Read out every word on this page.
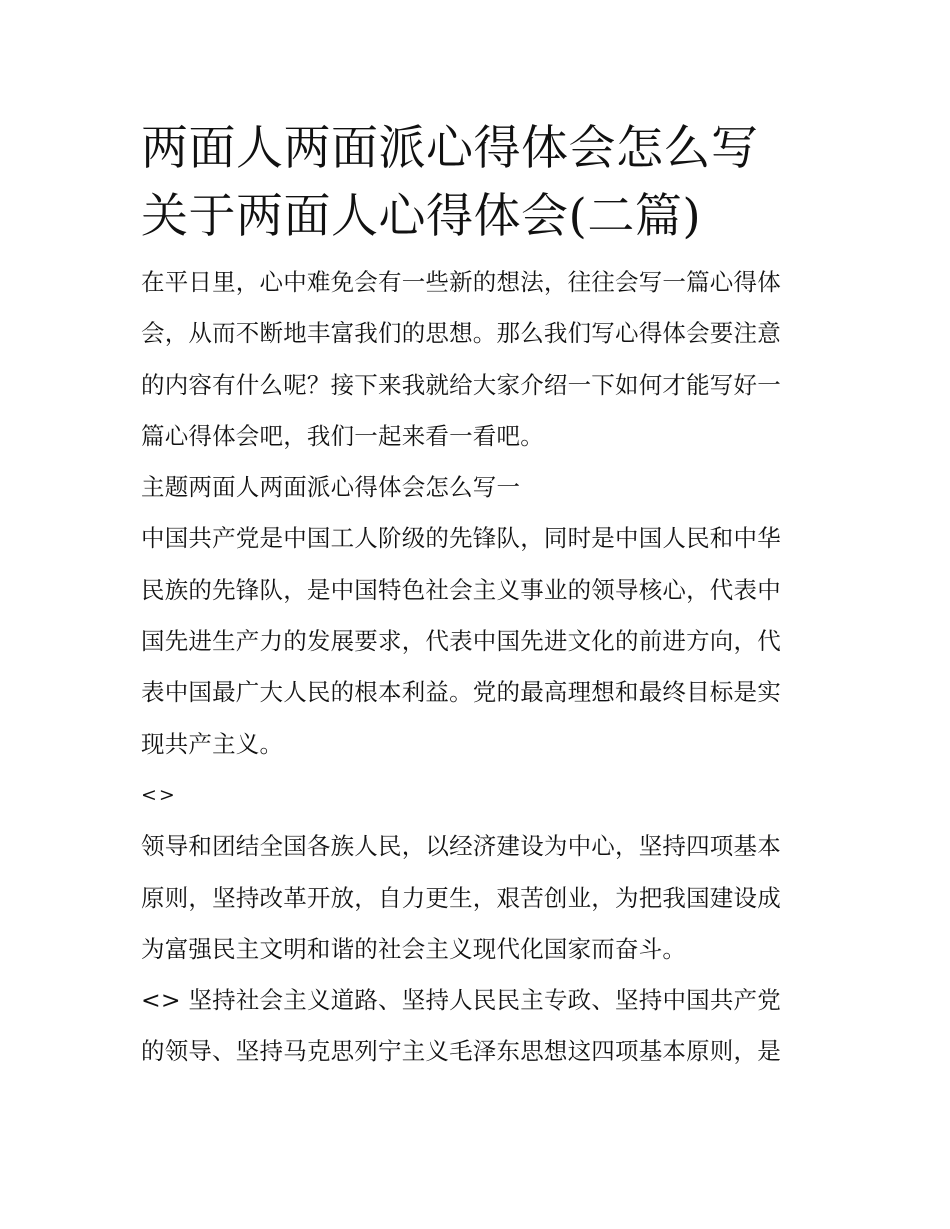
两面人两面派心得体会怎么写
关于两面人心得体会(二篇)

在平日里，心中难免会有一些新的想法，往往会写一篇心得体
会，从而不断地丰富我们的思想。那么我们写心得体会要注意
的内容有什么呢？接下来我就给大家介绍一下如何才能写好一
篇心得体会吧，我们一起来看一看吧。

主题两面人两面派心得体会怎么写一

中国共产党是中国工人阶级的先锋队，同时是中国人民和中华
民族的先锋队，是中国特色社会主义事业的领导核心，代表中
国先进生产力的发展要求，代表中国先进文化的前进方向，代
表中国最广大人民的根本利益。党的最高理想和最终目标是实
现共产主义。

<>

领导和团结全国各族人民，以经济建设为中心，坚持四项基本
原则，坚持改革开放，自力更生，艰苦创业，为把我国建设成
为富强民主文明和谐的社会主义现代化国家而奋斗。

<> 坚持社会主义道路、坚持人民民主专政、坚持中国共产党
的领导、坚持马克思列宁主义毛泽东思想这四项基本原则，是
